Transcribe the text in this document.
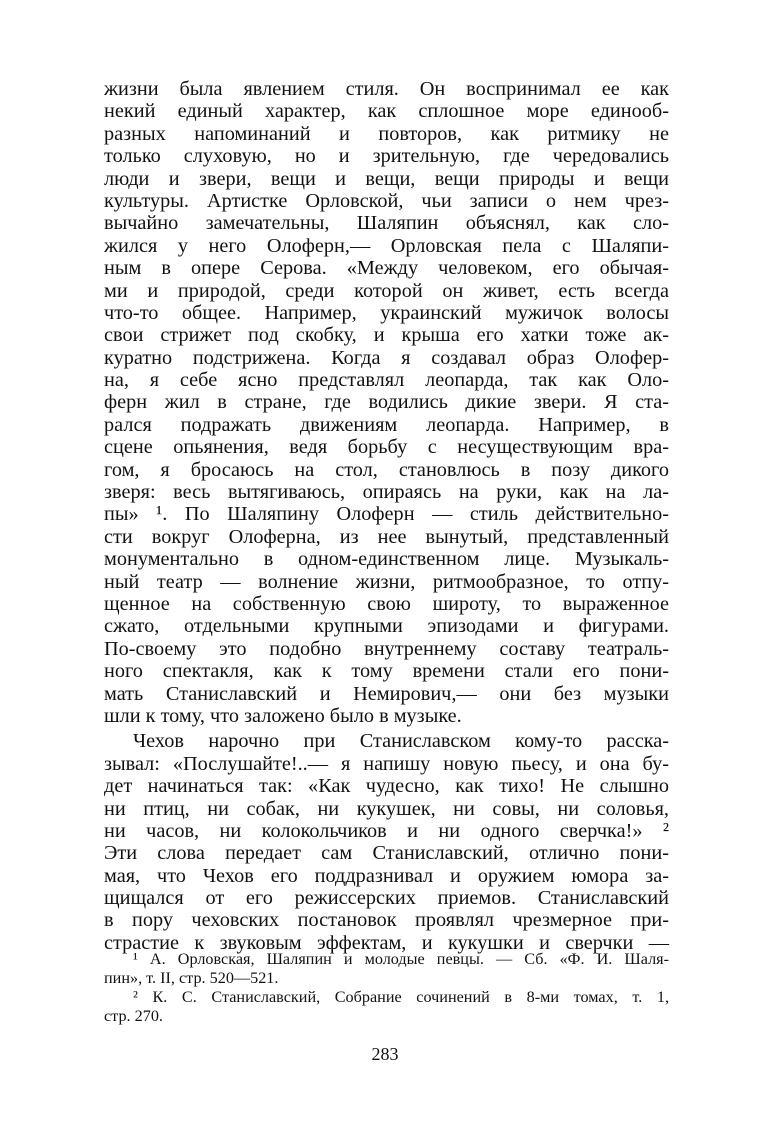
жизни была явлением стиля. Он воспринимал ее как
некий единый характер, как сплошное море единооб-
разных напоминаний и повторов, как ритмику не
только слуховую, но и зрительную, где чередовались
люди и звери, вещи и вещи, вещи природы и вещи
культуры. Артистке Орловской, чьи записи о нем чрез-
вычайно замечательны, Шаляпин объяснял, как сло-
жился у него Олоферн,— Орловская пела с Шаляпи-
ным в опере Серова. «Между человеком, его обычая-
ми и природой, среди которой он живет, есть всегда
что-то общее. Например, украинский мужичок волосы
свои стрижет под скобку, и крыша его хатки тоже ак-
куратно подстрижена. Когда я создавал образ Олофер-
на, я себе ясно представлял леопарда, так как Оло-
ферн жил в стране, где водились дикие звери. Я ста-
рался подражать движениям леопарда. Например, в
сцене опьянения, ведя борьбу с несуществующим вра-
гом, я бросаюсь на стол, становлюсь в позу дикого
зверя: весь вытягиваюсь, опираясь на руки, как на ла-
пы» ¹. По Шаляпину Олоферн — стиль действительно-
сти вокруг Олоферна, из нее вынутый, представленный
монументально в одном-единственном лице. Музыкаль-
ный театр — волнение жизни, ритмообразное, то отпу-
щенное на собственную свою широту, то выраженное
сжато, отдельными крупными эпизодами и фигурами.
По-своему это подобно внутреннему составу театраль-
ного спектакля, как к тому времени стали его пони-
мать Станиславский и Немирович,— они без музыки
шли к тому, что заложено было в музыке.
Чехов нарочно при Станиславском кому-то расска-
зывал: «Послушайте!..— я напишу новую пьесу, и она бу-
дет начинаться так: «Как чудесно, как тихо! Не слышно
ни птиц, ни собак, ни кукушек, ни совы, ни соловья,
ни часов, ни колокольчиков и ни одного сверчка!» ²
Эти слова передает сам Станиславский, отлично пони-
мая, что Чехов его поддразнивал и оружием юмора за-
щищался от его режиссерских приемов. Станиславский
в пору чеховских постановок проявлял чрезмерное при-
страстие к звуковым эффектам, и кукушки и сверчки —
¹ А. Орловская, Шаляпин и молодые певцы. — Сб. «Ф. И. Шаля-
пин», т. II, стр. 520—521.
² К. С. Станиславский, Собрание сочинений в 8-ми томах, т. 1,
стр. 270.
283
